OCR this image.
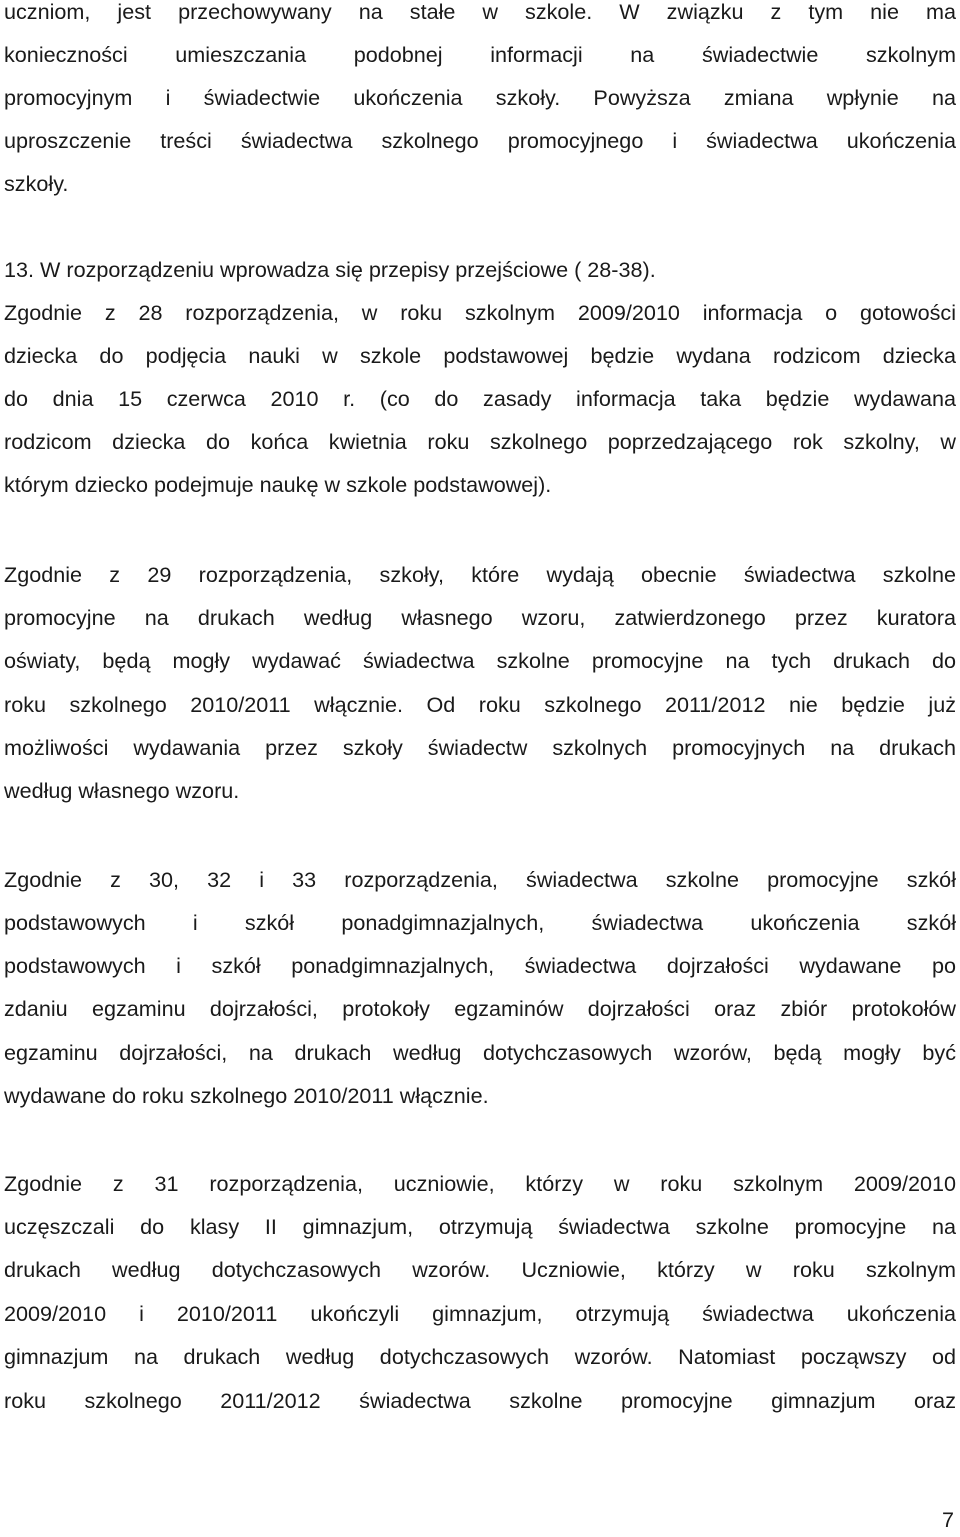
uczniom, jest przechowywany na stałe w szkole. W związku z tym nie ma
konieczności umieszczania podobnej informacji na świadectwie szkolnym
promocyjnym i świadectwie ukończenia szkoły. Powyższa zmiana wpłynie na
uproszczenie treści świadectwa szkolnego promocyjnego i świadectwa ukończenia
szkoły.
13. W rozporządzeniu wprowadza się przepisy przejściowe ( 28-38).
Zgodnie z 28 rozporządzenia, w roku szkolnym 2009/2010 informacja o gotowości
dziecka do podjęcia nauki w szkole podstawowej będzie wydana rodzicom dziecka
do dnia 15 czerwca 2010 r. (co do zasady informacja taka będzie wydawana
rodzicom dziecka do końca kwietnia roku szkolnego poprzedzającego rok szkolny, w
którym dziecko podejmuje naukę w szkole podstawowej).
Zgodnie z 29 rozporządzenia, szkoły, które wydają obecnie świadectwa szkolne
promocyjne na drukach według własnego wzoru, zatwierdzonego przez kuratora
oświaty, będą mogły wydawać świadectwa szkolne promocyjne na tych drukach do
roku szkolnego 2010/2011 włącznie. Od roku szkolnego 2011/2012 nie będzie już
możliwości wydawania przez szkoły świadectw szkolnych promocyjnych na drukach
według własnego wzoru.
Zgodnie z 30, 32 i 33 rozporządzenia, świadectwa szkolne promocyjne szkół
podstawowych i szkół ponadgimnazjalnych, świadectwa ukończenia szkół
podstawowych i szkół ponadgimnazjalnych, świadectwa dojrzałości wydawane po
zdaniu egzaminu dojrzałości, protokoły egzaminów dojrzałości oraz zbiór protokołów
egzaminu dojrzałości, na drukach według dotychczasowych wzorów, będą mogły być
wydawane do roku szkolnego 2010/2011 włącznie.
Zgodnie z 31 rozporządzenia, uczniowie, którzy w roku szkolnym 2009/2010
uczęszczali do klasy II gimnazjum, otrzymują świadectwa szkolne promocyjne na
drukach według dotychczasowych wzorów. Uczniowie, którzy w roku szkolnym
2009/2010 i 2010/2011 ukończyli gimnazjum, otrzymują świadectwa ukończenia
gimnazjum na drukach według dotychczasowych wzorów. Natomiast począwszy od
roku szkolnego 2011/2012 świadectwa szkolne promocyjne gimnazjum oraz
7
